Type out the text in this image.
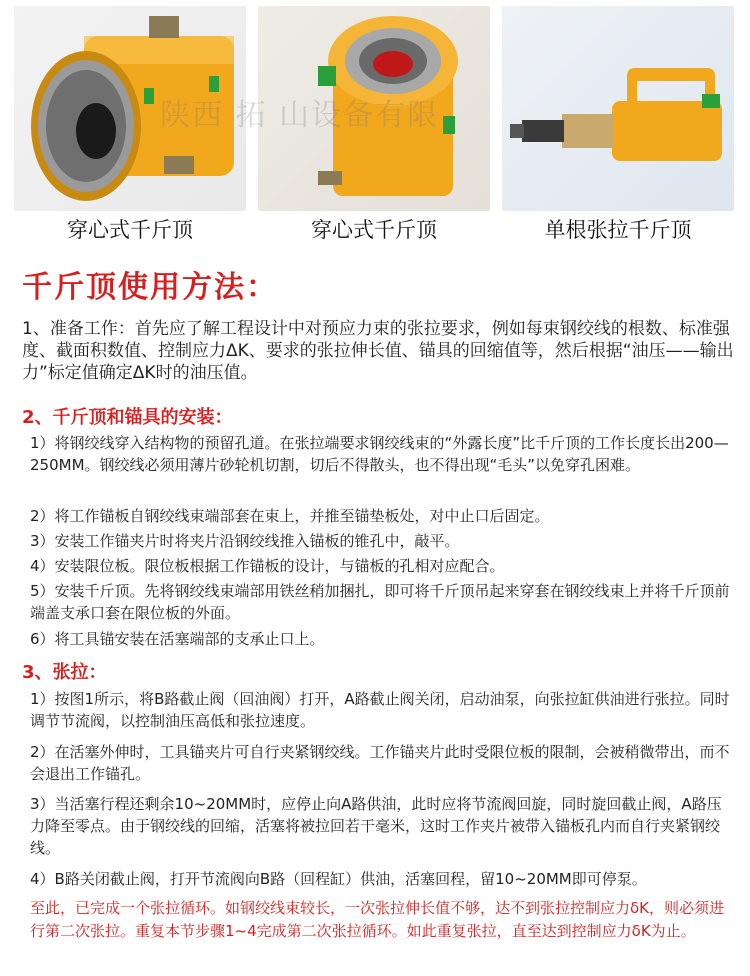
穿心式千斤顶	穿心式千斤顶	单根张拉千斤顶
陕西 拓 山设备有限
千斤顶使用方法：

1、准备工作：首先应了解工程设计中对预应力束的张拉要求，例如每束钢绞线的根数、标准强度、截面积数值、控制应力ΔK、要求的张拉伸长值、锚具的回缩值等，然后根据“油压——输出力”标定值确定ΔK时的油压值。

2、千斤顶和锚具的安装：

1）将钢绞线穿入结构物的预留孔道。在张拉端要求钢绞线束的“外露长度”比千斤顶的工作长度长出200—250MM。钢绞线必须用薄片砂轮机切割，切后不得散头，也不得出现“毛头”以免穿孔困难。

2）将工作锚板自钢绞线束端部套在束上，并推至锚垫板处，对中止口后固定。

3）安装工作锚夹片时将夹片沿钢绞线推入锚板的锥孔中，敲平。

4）安装限位板。限位板根据工作锚板的设计，与锚板的孔相对应配合。

5）安装千斤顶。先将钢绞线束端部用铁丝稍加捆扎，即可将千斤顶吊起来穿套在钢绞线束上并将千斤顶前端盖支承口套在限位板的外面。

6）将工具锚安装在活塞端部的支承止口上。

3、张拉：

1）按图1所示，将B路截止阀（回油阀）打开，A路截止阀关闭，启动油泵，向张拉缸供油进行张拉。同时调节节流阀，以控制油压高低和张拉速度。

2）在活塞外伸时，工具锚夹片可自行夹紧钢绞线。工作锚夹片此时受限位板的限制，会被稍微带出，而不会退出工作锚孔。

3）当活塞行程还剩余10~20MM时，应停止向A路供油，此时应将节流阀回旋，同时旋回截止阀，A路压力降至零点。由于钢绞线的回缩，活塞将被拉回若干毫米，这时工作夹片被带入锚板孔内而自行夹紧钢绞线。

4）B路关闭截止阀，打开节流阀向B路（回程缸）供油，活塞回程，留10~20MM即可停泵。

至此，已完成一个张拉循环。如钢绞线束较长，一次张拉伸长值不够，达不到张拉控制应力δK，则必须进行第二次张拉。重复本节步骤1~4完成第二次张拉循环。如此重复张拉，直至达到控制应力δK为止。
